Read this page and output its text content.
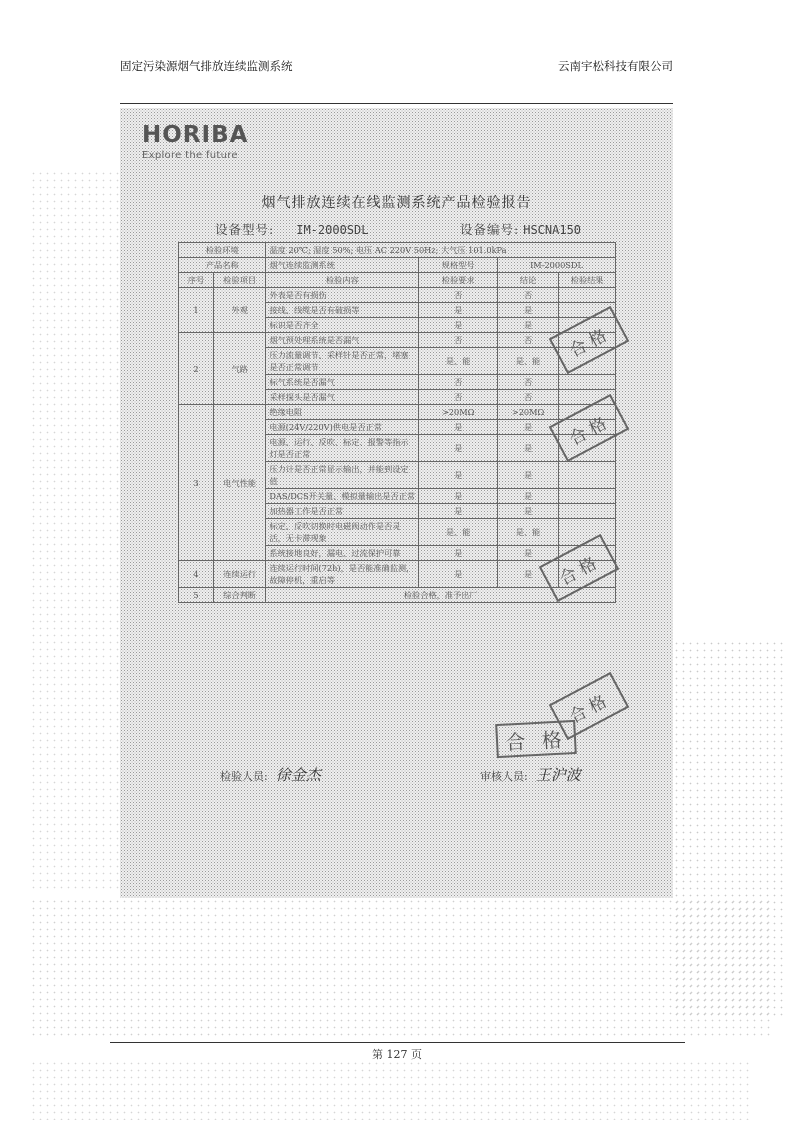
固定污染源烟气排放连续监测系统	云南宇松科技有限公司
HORIBA
Explore the future
烟气排放连续在线监测系统产品检验报告
设备型号: IM-2000SDL	设备编号: HSCNA150
检验环境		温度 20℃; 湿度 50%; 电压 AC 220V 50Hz; 大气压 101.0kPa			
产品名称		烟气连续监测系统	规格型号	IM-2000SDL	
序号	检验项目	检验内容	检验要求	结论	检验结果
1	外观	外表是否有损伤	否	否	
		接线、线缆是否有破损等	是	是	
		标识是否齐全	是	是	
2	气路	烟气预处理系统是否漏气	否	否	
		压力流量调节、采样针是否正常，堵塞是否正常调节	是、能	是、能	
		标气系统是否漏气	否	否	
		采样探头是否漏气	否	否	
3	电气性能	绝缘电阻	>20MΩ	>20MΩ	
		电源(24V/220V)供电是否正常	是	是	
		电源、运行、反吹、标定、报警等指示灯是否正常	是	是	
		压力计是否正常显示输出，并能到设定值	是	是	
		DAS/DCS开关量、模拟量输出是否正常	是	是	
		加热器工作是否正常	是	是	
		标定、反吹切换时电磁阀动作是否灵活，无卡滞现象	是、能	是、能	
		系统接地良好，漏电、过流保护可靠	是	是	
4	连续运行	连续运行时间(72h)，是否能准确监测，故障停机，重启等	是	是	
5	综合判断	检验合格，准予出厂			
合格
合格
合格
合格
合 格
检验人员: 徐金杰	审核人员: 王沪波
第 127 页
